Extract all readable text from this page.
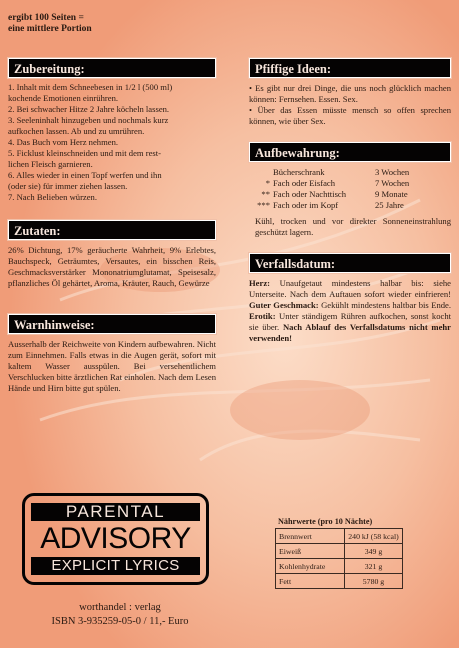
ergibt 100 Seiten =
eine mittlere Portion
Zubereitung:
1. Inhalt mit dem Schneebesen in 1/2 l (500 ml)
kochende Emotionen einrühren.
2. Bei schwacher Hitze 2 Jahre köcheln lassen.
3. Seeleninhalt hinzugeben und nochmals kurz
aufkochen lassen. Ab und zu umrühren.
4. Das Buch vom Herz nehmen.
5. Ficklust kleinschneiden und mit dem rest-
lichen Fleisch garnieren.
6. Alles wieder in einen Topf werfen und ihn
(oder sie) für immer ziehen lassen.
7. Nach Belieben würzen.
Zutaten:

26% Dichtung, 17% geräucherte Wahrheit, 9% Erlebtes, Bauchspeck, Geträumtes, Versautes, ein bisschen Reis, Geschmacksverstärker Mononatriumglutamat, Speisesalz, pflanzliches Öl gehärtet, Aroma, Kräuter, Rauch, Gewürze

Warnhinweise:

Ausserhalb der Reichweite von Kindern aufbewahren. Nicht zum Einnehmen. Falls etwas in die Augen gerät, sofort mit kaltem Wasser ausspülen. Bei versehentlichem Verschlucken bitte ärztlichen Rat einholen. Nach dem Lesen Hände und Hirn bitte gut spülen.

Pfiffige Ideen:

• Es gibt nur drei Dinge, die uns noch glücklich machen können: Fernsehen. Essen. Sex.

• Über das Essen müsste mensch so offen sprechen können, wie über Sex.

Aufbewahrung:
Bücherschrank	3 Wochen
* Fach oder Eisfach	7 Wochen
** Fach oder Nachttisch	9 Monate
*** Fach oder im Kopf	25 Jahre

Kühl, trocken und vor direkter Sonneneinstrahlung geschützt lagern.

Verfallsdatum:

Herz: Unaufgetaut mindestens halbar bis: siehe Unterseite. Nach dem Auftauen sofort wieder einfrieren! Guter Geschmack: Gekühlt mindestens haltbar bis Ende. Erotik: Unter ständigem Rühren aufkochen, sonst kocht sie über. Nach Ablauf des Verfallsdatums nicht mehr verwenden!

PARENTAL
ADVISORY
EXPLICIT LYRICS
worthandel : verlag
ISBN 3-935259-05-0 / 11,- Euro
Nährwerte (pro 10 Nächte)
Brennwert	240 kJ (58 kcal)
Eiweiß	349 g
Kohlenhydrate	321 g
Fett	5780 g
